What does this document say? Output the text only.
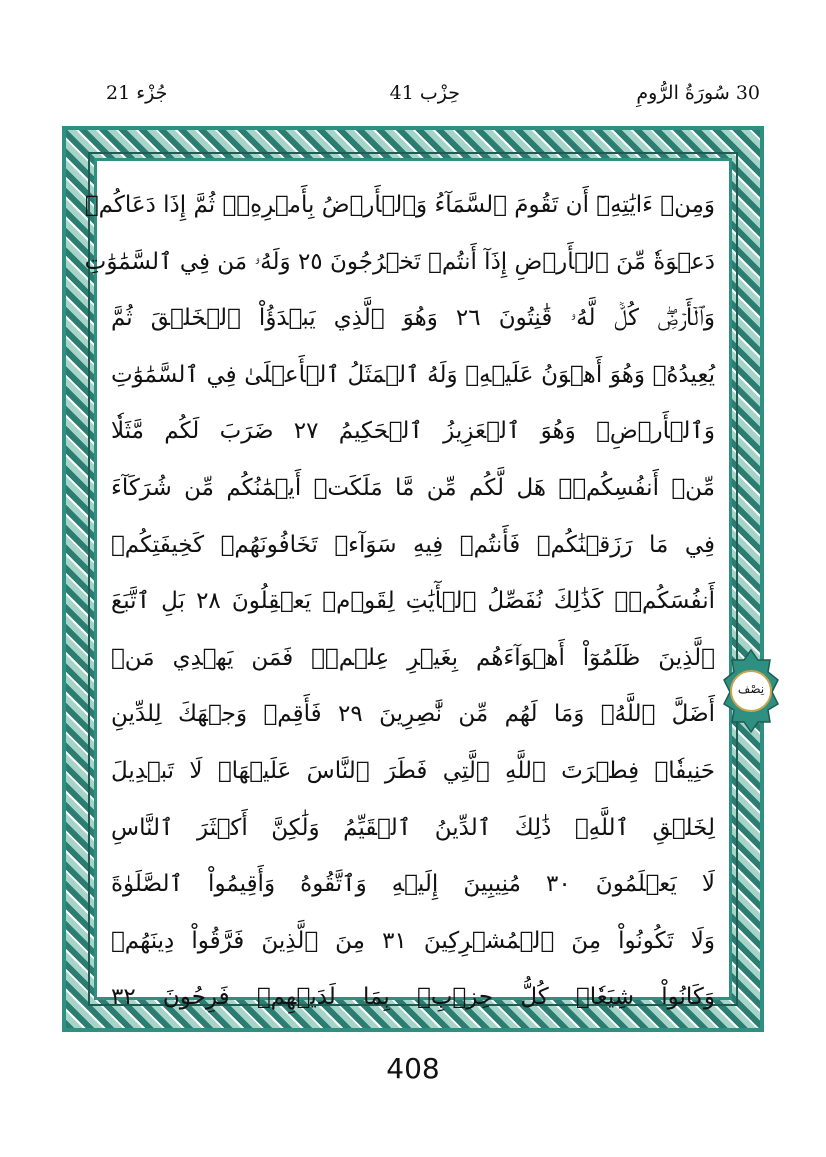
30 سُورَةُ الرُّومِ
حِزْب 41
جُزْء 21
وَمِنۡ ءَايَٰتِهِۦٓ أَن تَقُومَ ٱلسَّمَآءُ وَٱلۡأَرۡضُ بِأَمۡرِهِۦۚ ثُمَّ إِذَا دَعَاكُمۡ
دَعۡوَةٗ مِّنَ ٱلۡأَرۡضِ إِذَآ أَنتُمۡ تَخۡرُجُونَ ٢٥ وَلَهُۥ مَن فِي ٱلسَّمَٰوَٰتِ
وَٱلۡأَرۡضِۖ كُلّٞ لَّهُۥ قَٰنِتُونَ ٢٦ وَهُوَ ٱلَّذِي يَبۡدَؤُاْ ٱلۡخَلۡقَ ثُمَّ
يُعِيدُهُۥ وَهُوَ أَهۡوَنُ عَلَيۡهِۚ وَلَهُ ٱلۡمَثَلُ ٱلۡأَعۡلَىٰ فِي ٱلسَّمَٰوَٰتِ
وَٱلۡأَرۡضِۚ وَهُوَ ٱلۡعَزِيزُ ٱلۡحَكِيمُ ٢٧ ضَرَبَ لَكُم مَّثَلٗا
مِّنۡ أَنفُسِكُمۡۖ هَل لَّكُم مِّن مَّا مَلَكَتۡ أَيۡمَٰنُكُم مِّن شُرَكَآءَ
فِي مَا رَزَقۡنَٰكُمۡ فَأَنتُمۡ فِيهِ سَوَآءٞ تَخَافُونَهُمۡ كَخِيفَتِكُمۡ
أَنفُسَكُمۡۚ كَذَٰلِكَ نُفَصِّلُ ٱلۡأٓيَٰتِ لِقَوۡمٖ يَعۡقِلُونَ ٢٨ بَلِ ٱتَّبَعَ
ٱلَّذِينَ ظَلَمُوٓاْ أَهۡوَآءَهُم بِغَيۡرِ عِلۡمٖۖ فَمَن يَهۡدِي مَنۡ
أَضَلَّ ٱللَّهُۖ وَمَا لَهُم مِّن نَّٰصِرِينَ ٢٩ فَأَقِمۡ وَجۡهَكَ لِلدِّينِ
حَنِيفٗاۚ فِطۡرَتَ ٱللَّهِ ٱلَّتِي فَطَرَ ٱلنَّاسَ عَلَيۡهَاۚ لَا تَبۡدِيلَ
لِخَلۡقِ ٱللَّهِۚ ذَٰلِكَ ٱلدِّينُ ٱلۡقَيِّمُ وَلَٰكِنَّ أَكۡثَرَ ٱلنَّاسِ
لَا يَعۡلَمُونَ ٣٠ مُنِيبِينَ إِلَيۡهِ وَٱتَّقُوهُ وَأَقِيمُواْ ٱلصَّلَوٰةَ
وَلَا تَكُونُواْ مِنَ ٱلۡمُشۡرِكِينَ ٣١ مِنَ ٱلَّذِينَ فَرَّقُواْ دِينَهُمۡ
وَكَانُواْ شِيَعٗاۖ كُلُّ حِزۡبِۭ بِمَا لَدَيۡهِمۡ فَرِحُونَ ٣٢
نِصْف
408
